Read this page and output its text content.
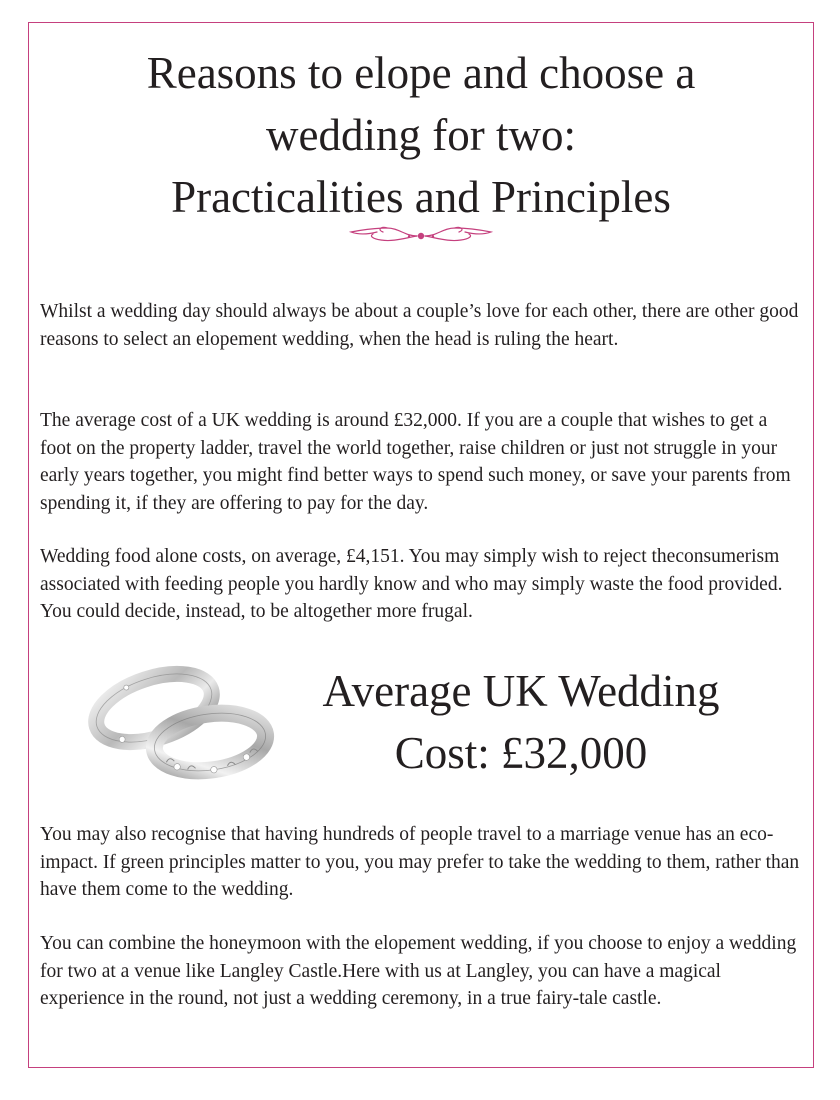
Reasons to elope and choose a
wedding for two:
Practicalities and Principles

Whilst a wedding day should always be about a couple’s love for each other, there are other good reasons to select an elopement wedding, when the head is ruling the heart.

The average cost of a UK wedding is around £32,000. If you are a couple that wishes to get a foot on the property ladder, travel the world together, raise children or just not struggle in your early years together, you might find better ways to spend such money, or save your parents from spending it, if they are offering to pay for the day.

Wedding food alone costs, on average, £4,151. You may simply wish to reject theconsumerism associated with feeding people you hardly know and who may simply waste the food provided. You could decide, instead, to be altogether more frugal.

Average UK Wedding
Cost: £32,000

You may also recognise that having hundreds of people travel to a marriage venue has an eco-impact. If green principles matter to you, you may prefer to take the wedding to them, rather than have them come to the wedding.

You can combine the honeymoon with the elopement wedding, if you choose to enjoy a wedding for two at a venue like Langley Castle.Here with us at Langley, you can have a magical experience in the round, not just a wedding ceremony, in a true fairy-tale castle.
